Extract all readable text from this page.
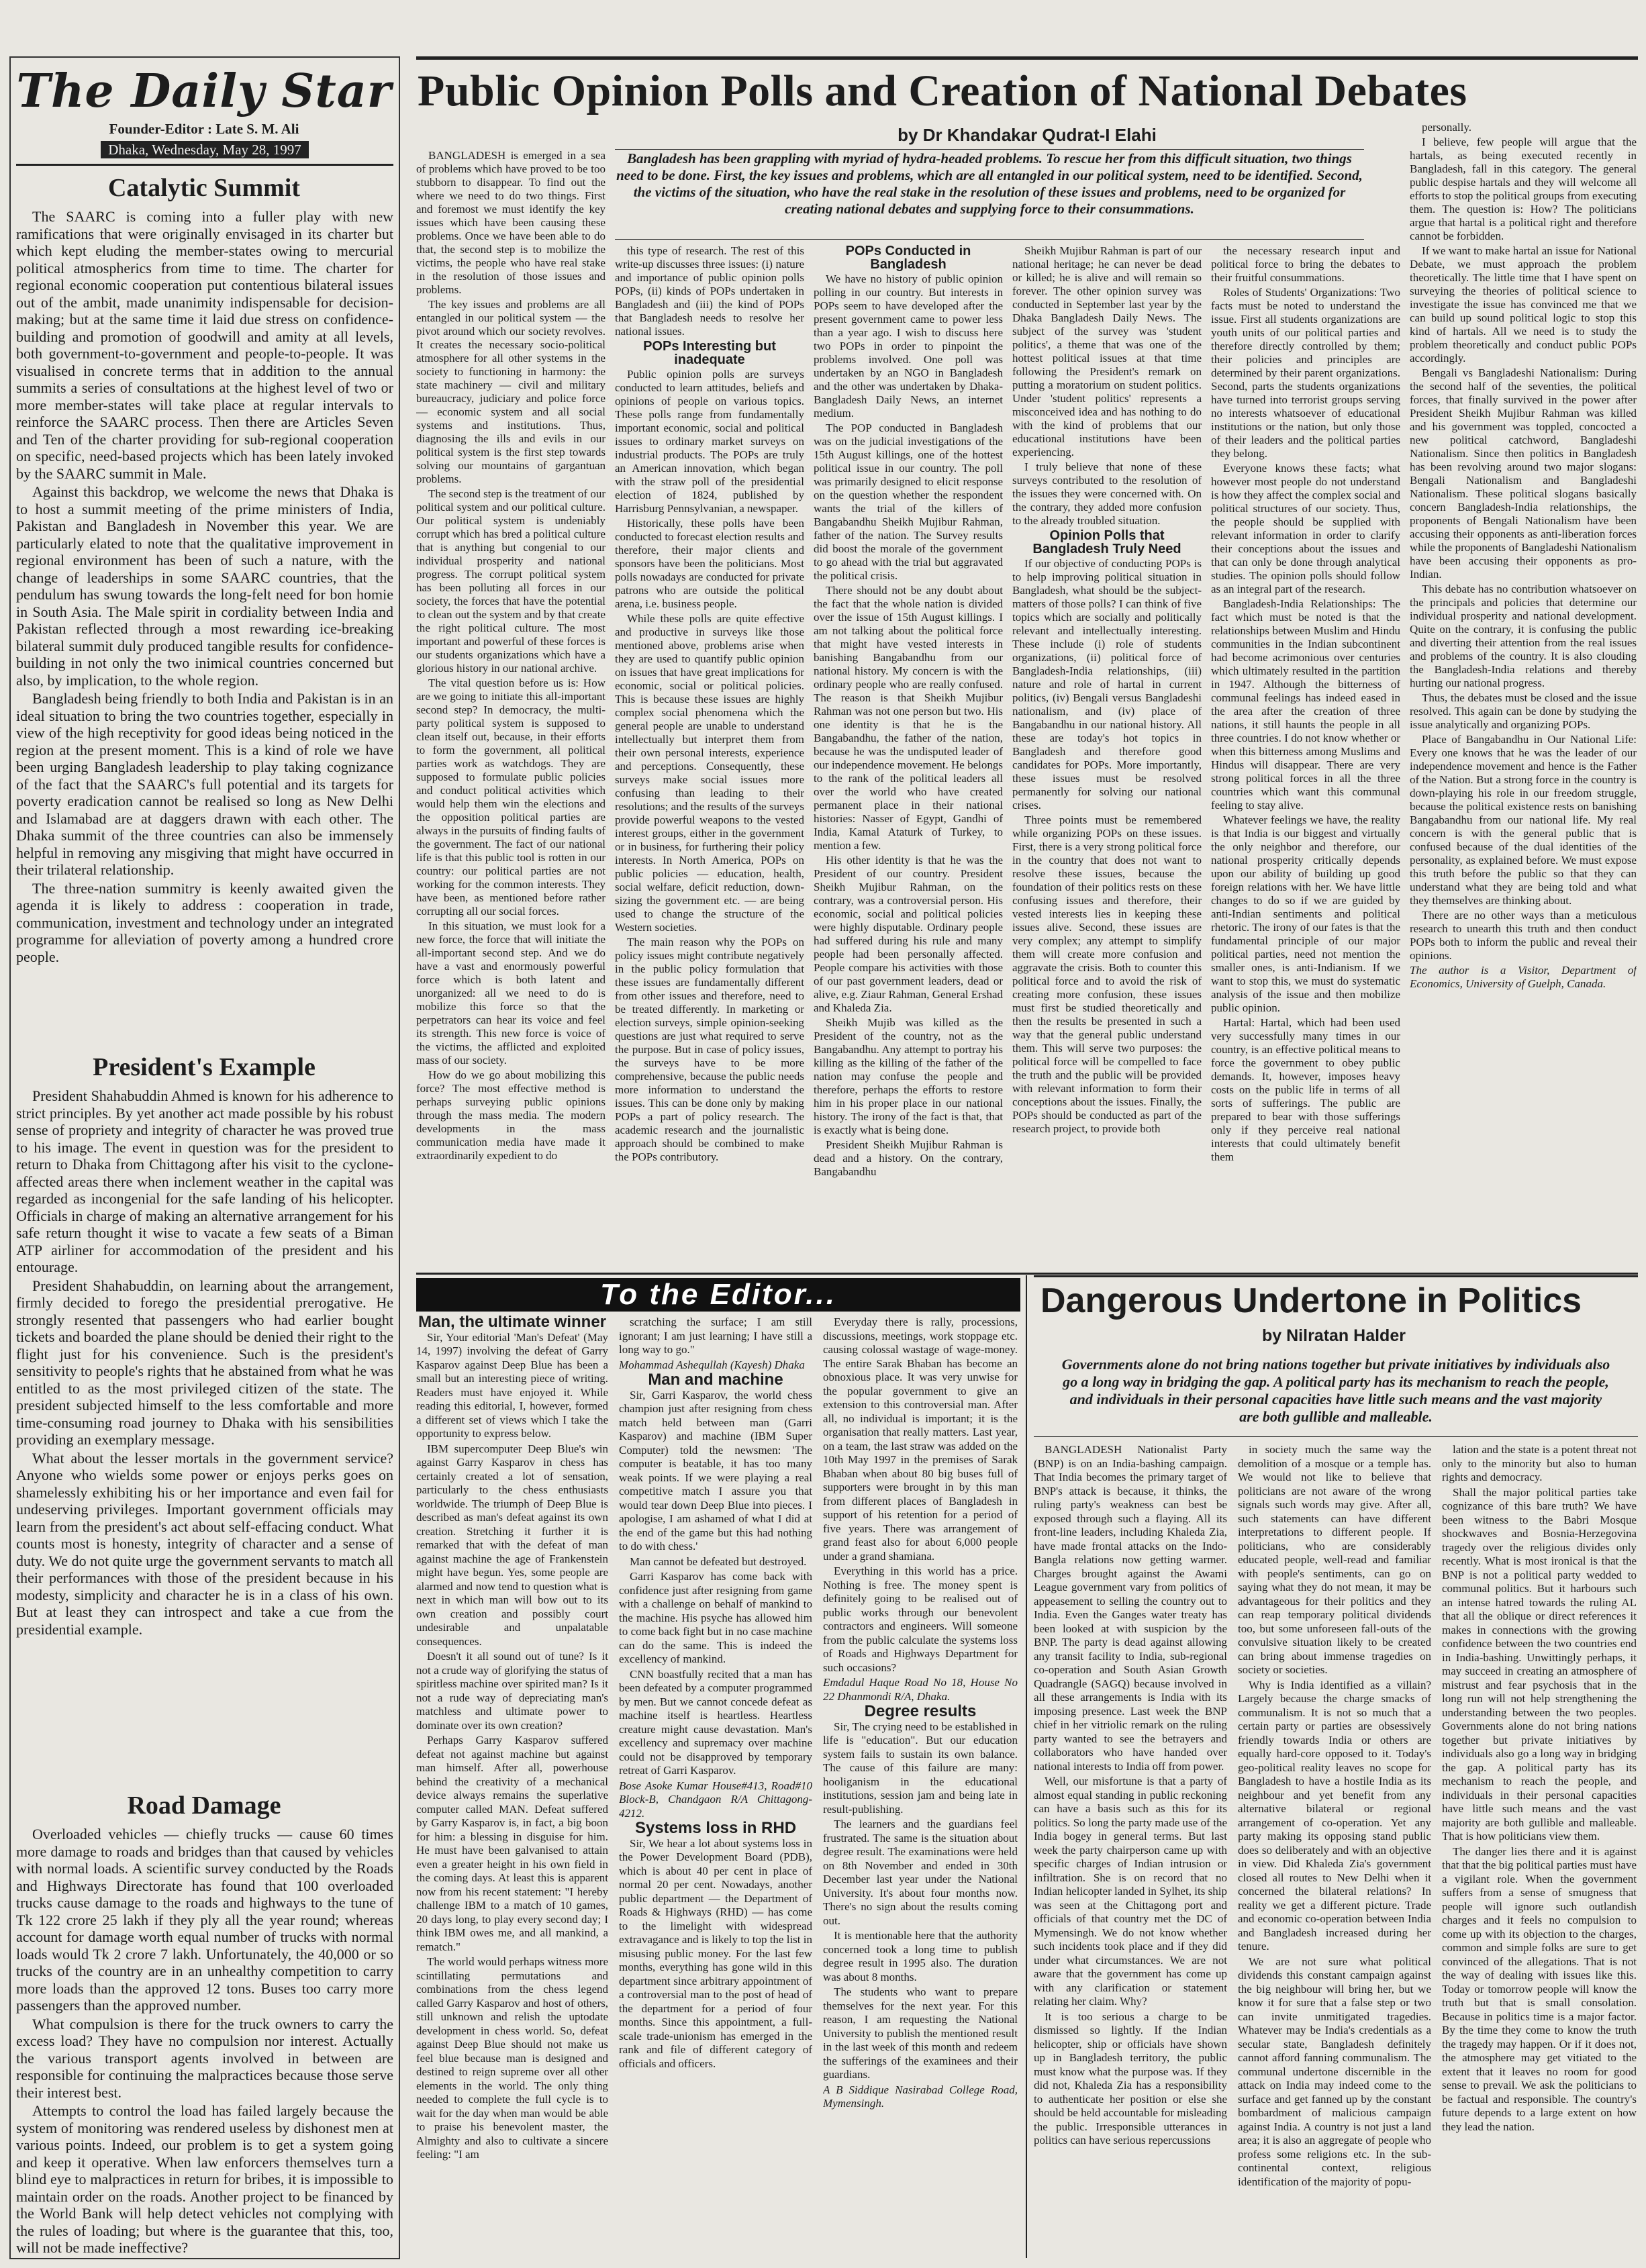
The Daily Star
Founder-Editor : Late S. M. Ali
Dhaka, Wednesday, May 28, 1997
Catalytic Summit

The SAARC is coming into a fuller play with new ramifications that were originally envisaged in its charter but which kept eluding the member-states owing to mercurial political atmospherics from time to time. The charter for regional economic cooperation put contentious bilateral issues out of the ambit, made unanimity indispensable for decision-making; but at the same time it laid due stress on confidence-building and promotion of goodwill and amity at all levels, both government-to-government and people-to-people. It was visualised in concrete terms that in addition to the annual summits a series of consultations at the highest level of two or more member-states will take place at regular intervals to reinforce the SAARC process. Then there are Articles Seven and Ten of the charter providing for sub-regional cooperation on specific, need-based projects which has been lately invoked by the SAARC summit in Male.

Against this backdrop, we welcome the news that Dhaka is to host a summit meeting of the prime ministers of India, Pakistan and Bangladesh in November this year. We are particularly elated to note that the qualitative improvement in regional environment has been of such a nature, with the change of leaderships in some SAARC countries, that the pendulum has swung towards the long-felt need for bon homie in South Asia. The Male spirit in cordiality between India and Pakistan reflected through a most rewarding ice-breaking bilateral summit duly produced tangible results for confidence-building in not only the two inimical countries concerned but also, by implication, to the whole region.

Bangladesh being friendly to both India and Pakistan is in an ideal situation to bring the two countries together, especially in view of the high receptivity for good ideas being noticed in the region at the present moment. This is a kind of role we have been urging Bangladesh leadership to play taking cognizance of the fact that the SAARC's full potential and its targets for poverty eradication cannot be realised so long as New Delhi and Islamabad are at daggers drawn with each other. The Dhaka summit of the three countries can also be immensely helpful in removing any misgiving that might have occurred in their trilateral relationship.

The three-nation summitry is keenly awaited given the agenda it is likely to address : cooperation in trade, communication, investment and technology under an integrated programme for alleviation of poverty among a hundred crore people.

President's Example

President Shahabuddin Ahmed is known for his adherence to strict principles. By yet another act made possible by his robust sense of propriety and integrity of character he was proved true to his image. The event in question was for the president to return to Dhaka from Chittagong after his visit to the cyclone-affected areas there when inclement weather in the capital was regarded as incongenial for the safe landing of his helicopter. Officials in charge of making an alternative arrangement for his safe return thought it wise to vacate a few seats of a Biman ATP airliner for accommodation of the president and his entourage.

President Shahabuddin, on learning about the arrangement, firmly decided to forego the presidential prerogative. He strongly resented that passengers who had earlier bought tickets and boarded the plane should be denied their right to the flight just for his convenience. Such is the president's sensitivity to people's rights that he abstained from what he was entitled to as the most privileged citizen of the state. The president subjected himself to the less comfortable and more time-consuming road journey to Dhaka with his sensibilities providing an exemplary message.

What about the lesser mortals in the government service? Anyone who wields some power or enjoys perks goes on shamelessly exhibiting his or her importance and even fail for undeserving privileges. Important government officials may learn from the president's act about self-effacing conduct. What counts most is honesty, integrity of character and a sense of duty. We do not quite urge the government servants to match all their performances with those of the president because in his modesty, simplicity and character he is in a class of his own. But at least they can introspect and take a cue from the presidential example.

Road Damage

Overloaded vehicles — chiefly trucks — cause 60 times more damage to roads and bridges than that caused by vehicles with normal loads. A scientific survey conducted by the Roads and Highways Directorate has found that 100 overloaded trucks cause damage to the roads and highways to the tune of Tk 122 crore 25 lakh if they ply all the year round; whereas account for damage worth equal number of trucks with normal loads would Tk 2 crore 7 lakh. Unfortunately, the 40,000 or so trucks of the country are in an unhealthy competition to carry more loads than the approved 12 tons. Buses too carry more passengers than the approved number.

What compulsion is there for the truck owners to carry the excess load? They have no compulsion nor interest. Actually the various transport agents involved in between are responsible for continuing the malpractices because those serve their interest best.

Attempts to control the load has failed largely because the system of monitoring was rendered useless by dishonest men at various points. Indeed, our problem is to get a system going and keep it operative. When law enforcers themselves turn a blind eye to malpractices in return for bribes, it is impossible to maintain order on the roads. Another project to be financed by the World Bank will help detect vehicles not complying with the rules of loading; but where is the guarantee that this, too, will not be made ineffective?

Public Opinion Polls and Creation of National Debates
by Dr Khandakar Qudrat-I Elahi
Bangladesh has been grappling with myriad of hydra-headed problems. To rescue her from this difficult situation, two things need to be done. First, the key issues and problems, which are all entangled in our political system, need to be identified. Second, the victims of the situation, who have the real stake in the resolution of these issues and problems, need to be organized for creating national debates and supplying force to their consummations.

BANGLADESH is emerged in a sea of problems which have proved to be too stubborn to disappear. To find out the where we need to do two things. First and foremost we must identify the key issues which have been causing these problems. Once we have been able to do that, the second step is to mobilize the victims, the people who have real stake in the resolution of those issues and problems.

The key issues and problems are all entangled in our political system — the pivot around which our society revolves. It creates the necessary socio-political atmosphere for all other systems in the society to functioning in harmony: the state machinery — civil and military bureaucracy, judiciary and police force — economic system and all social systems and institutions. Thus, diagnosing the ills and evils in our political system is the first step towards solving our mountains of gargantuan problems.

The second step is the treatment of our political system and our political culture. Our political system is undeniably corrupt which has bred a political culture that is anything but congenial to our individual prosperity and national progress. The corrupt political system has been polluting all forces in our society, the forces that have the potential to clean out the system and by that create the right political culture. The most important and powerful of these forces is our students organizations which have a glorious history in our national archive.

The vital question before us is: How are we going to initiate this all-important second step? In democracy, the multi-party political system is supposed to clean itself out, because, in their efforts to form the government, all political parties work as watchdogs. They are supposed to formulate public policies and conduct political activities which would help them win the elections and the opposition political parties are always in the pursuits of finding faults of the government. The fact of our national life is that this public tool is rotten in our country: our political parties are not working for the common interests. They have been, as mentioned before rather corrupting all our social forces.

In this situation, we must look for a new force, the force that will initiate the all-important second step. And we do have a vast and enormously powerful force which is both latent and unorganized: all we need to do is mobilize this force so that the perpetrators can hear its voice and feel its strength. This new force is voice of the victims, the afflicted and exploited mass of our society.

How do we go about mobilizing this force? The most effective method is perhaps surveying public opinions through the mass media. The modern developments in the mass communication media have made it extraordinarily expedient to do

this type of research. The rest of this write-up discusses three issues: (i) nature and importance of public opinion polls POPs, (ii) kinds of POPs undertaken in Bangladesh and (iii) the kind of POPs that Bangladesh needs to resolve her national issues.

POPs Interesting but inadequate

Public opinion polls are surveys conducted to learn attitudes, beliefs and opinions of people on various topics. These polls range from fundamentally important economic, social and political issues to ordinary market surveys on industrial products. The POPs are truly an American innovation, which began with the straw poll of the presidential election of 1824, published by Harrisburg Pennsylvanian, a newspaper.

Historically, these polls have been conducted to forecast election results and therefore, their major clients and sponsors have been the politicians. Most polls nowadays are conducted for private patrons who are outside the political arena, i.e. business people.

While these polls are quite effective and productive in surveys like those mentioned above, problems arise when they are used to quantify public opinion on issues that have great implications for economic, social or political policies. This is because these issues are highly complex social phenomena which the general people are unable to understand intellectually but interpret them from their own personal interests, experience and perceptions. Consequently, these surveys make social issues more confusing than leading to their resolutions; and the results of the surveys provide powerful weapons to the vested interest groups, either in the government or in business, for furthering their policy interests. In North America, POPs on public policies — education, health, social welfare, deficit reduction, down-sizing the government etc. — are being used to change the structure of the Western societies.

The main reason why the POPs on policy issues might contribute negatively in the public policy formulation that these issues are fundamentally different from other issues and therefore, need to be treated differently. In marketing or election surveys, simple opinion-seeking questions are just what required to serve the purpose. But in case of policy issues, the surveys have to be more comprehensive, because the public needs more information to understand the issues. This can be done only by making POPs a part of policy research. The academic research and the journalistic approach should be combined to make the POPs contributory.

POPs Conducted in Bangladesh

We have no history of public opinion polling in our country. But interests in POPs seem to have developed after the present government came to power less than a year ago. I wish to discuss here two POPs in order to pinpoint the problems involved. One poll was undertaken by an NGO in Bangladesh and the other was undertaken by Dhaka-Bangladesh Daily News, an internet medium.

The POP conducted in Bangladesh was on the judicial investigations of the 15th August killings, one of the hottest political issue in our country. The poll was primarily designed to elicit response on the question whether the respondent wants the trial of the killers of Bangabandhu Sheikh Mujibur Rahman, father of the nation. The Survey results did boost the morale of the government to go ahead with the trial but aggravated the political crisis.

There should not be any doubt about the fact that the whole nation is divided over the issue of 15th August killings. I am not talking about the political force that might have vested interests in banishing Bangabandhu from our national history. My concern is with the ordinary people who are really confused. The reason is that Sheikh Mujibur Rahman was not one person but two. His one identity is that he is the Bangabandhu, the father of the nation, because he was the undisputed leader of our independence movement. He belongs to the rank of the political leaders all over the world who have created permanent place in their national histories: Nasser of Egypt, Gandhi of India, Kamal Ataturk of Turkey, to mention a few.

His other identity is that he was the President of our country. President Sheikh Mujibur Rahman, on the contrary, was a controversial person. His economic, social and political policies were highly disputable. Ordinary people had suffered during his rule and many people had been personally affected. People compare his activities with those of our past government leaders, dead or alive, e.g. Ziaur Rahman, General Ershad and Khaleda Zia.

Sheikh Mujib was killed as the President of the country, not as the Bangabandhu. Any attempt to portray his killing as the killing of the father of the nation may confuse the people and therefore, perhaps the efforts to restore him in his proper place in our national history. The irony of the fact is that, that is exactly what is being done.

President Sheikh Mujibur Rahman is dead and a history. On the contrary, Bangabandhu

Sheikh Mujibur Rahman is part of our national heritage; he can never be dead or killed; he is alive and will remain so forever. The other opinion survey was conducted in September last year by the Dhaka Bangladesh Daily News. The subject of the survey was 'student politics', a theme that was one of the hottest political issues at that time following the President's remark on putting a moratorium on student politics. Under 'student politics' represents a misconceived idea and has nothing to do with the kind of problems that our educational institutions have been experiencing.

I truly believe that none of these surveys contributed to the resolution of the issues they were concerned with. On the contrary, they added more confusion to the already troubled situation.

Opinion Polls that Bangladesh Truly Need

If our objective of conducting POPs is to help improving political situation in Bangladesh, what should be the subject-matters of those polls? I can think of five topics which are socially and politically relevant and intellectually interesting. These include (i) role of students organizations, (ii) political force of Bangladesh-India relationships, (iii) nature and role of hartal in current politics, (iv) Bengali versus Bangladeshi nationalism, and (iv) place of Bangabandhu in our national history. All these are today's hot topics in Bangladesh and therefore good candidates for POPs. More importantly, these issues must be resolved permanently for solving our national crises.

Three points must be remembered while organizing POPs on these issues. First, there is a very strong political force in the country that does not want to resolve these issues, because the foundation of their politics rests on these confusing issues and therefore, their vested interests lies in keeping these issues alive. Second, these issues are very complex; any attempt to simplify them will create more confusion and aggravate the crisis. Both to counter this political force and to avoid the risk of creating more confusion, these issues must first be studied theoretically and then the results be presented in such a way that the general public understand them. This will serve two purposes: the political force will be compelled to face the truth and the public will be provided with relevant information to form their conceptions about the issues. Finally, the POPs should be conducted as part of the research project, to provide both

the necessary research input and political force to bring the debates to their fruitful consummations.

Roles of Students' Organizations: Two facts must be noted to understand the issue. First all students organizations are youth units of our political parties and therefore directly controlled by them; their policies and principles are determined by their parent organizations. Second, parts the students organizations have turned into terrorist groups serving no interests whatsoever of educational institutions or the nation, but only those of their leaders and the political parties they belong.

Everyone knows these facts; what however most people do not understand is how they affect the complex social and political structures of our society. Thus, the people should be supplied with relevant information in order to clarify their conceptions about the issues and that can only be done through analytical studies. The opinion polls should follow as an integral part of the research.

Bangladesh-India Relationships: The fact which must be noted is that the relationships between Muslim and Hindu communities in the Indian subcontinent had become acrimonious over centuries which ultimately resulted in the partition in 1947. Although the bitterness of communal feelings has indeed eased in the area after the creation of three nations, it still haunts the people in all three countries. I do not know whether or when this bitterness among Muslims and Hindus will disappear. There are very strong political forces in all the three countries which want this communal feeling to stay alive.

Whatever feelings we have, the reality is that India is our biggest and virtually the only neighbor and therefore, our national prosperity critically depends upon our ability of building up good foreign relations with her. We have little changes to do so if we are guided by anti-Indian sentiments and political rhetoric. The irony of our fates is that the fundamental principle of our major political parties, need not mention the smaller ones, is anti-Indianism. If we want to stop this, we must do systematic analysis of the issue and then mobilize public opinion.

Hartal: Hartal, which had been used very successfully many times in our country, is an effective political means to force the government to obey public demands. It, however, imposes heavy costs on the public life in terms of all sorts of sufferings. The public are prepared to bear with those sufferings only if they perceive real national interests that could ultimately benefit them

personally.

I believe, few people will argue that the hartals, as being executed recently in Bangladesh, fall in this category. The general public despise hartals and they will welcome all efforts to stop the political groups from executing them. The question is: How? The politicians argue that hartal is a political right and therefore cannot be forbidden.

If we want to make hartal an issue for National Debate, we must approach the problem theoretically. The little time that I have spent on surveying the theories of political science to investigate the issue has convinced me that we can build up sound political logic to stop this kind of hartals. All we need is to study the problem theoretically and conduct public POPs accordingly.

Bengali vs Bangladeshi Nationalism: During the second half of the seventies, the political forces, that finally survived in the power after President Sheikh Mujibur Rahman was killed and his government was toppled, concocted a new political catchword, Bangladeshi Nationalism. Since then politics in Bangladesh has been revolving around two major slogans: Bengali Nationalism and Bangladeshi Nationalism. These political slogans basically concern Bangladesh-India relationships, the proponents of Bengali Nationalism have been accusing their opponents as anti-liberation forces while the proponents of Bangladeshi Nationalism have been accusing their opponents as pro-Indian.

This debate has no contribution whatsoever on the principals and policies that determine our individual prosperity and national development. Quite on the contrary, it is confusing the public and diverting their attention from the real issues and problems of the country. It is also clouding the Bangladesh-India relations and thereby hurting our national progress.

Thus, the debates must be closed and the issue resolved. This again can be done by studying the issue analytically and organizing POPs.

Place of Bangabandhu in Our National Life: Every one knows that he was the leader of our independence movement and hence is the Father of the Nation. But a strong force in the country is down-playing his role in our freedom struggle, because the political existence rests on banishing Bangabandhu from our national life. My real concern is with the general public that is confused because of the dual identities of the personality, as explained before. We must expose this truth before the public so that they can understand what they are being told and what they themselves are thinking about.

There are no other ways than a meticulous research to unearth this truth and then conduct POPs both to inform the public and reveal their opinions.

The author is a Visitor, Department of Economics, University of Guelph, Canada.

To the Editor...

Man, the ultimate winner

Sir, Your editorial 'Man's Defeat' (May 14, 1997) involving the defeat of Garry Kasparov against Deep Blue has been a small but an interesting piece of writing. Readers must have enjoyed it. While reading this editorial, I, however, formed a different set of views which I take the opportunity to express below.

IBM supercomputer Deep Blue's win against Garry Kasparov in chess has certainly created a lot of sensation, particularly to the chess enthusiasts worldwide. The triumph of Deep Blue is described as man's defeat against its own creation. Stretching it further it is remarked that with the defeat of man against machine the age of Frankenstein might have begun. Yes, some people are alarmed and now tend to question what is next in which man will bow out to its own creation and possibly court undesirable and unpalatable consequences.

Doesn't it all sound out of tune? Is it not a crude way of glorifying the status of spiritless machine over spirited man? Is it not a rude way of depreciating man's matchless and ultimate power to dominate over its own creation?

Perhaps Garry Kasparov suffered defeat not against machine but against man himself. After all, powerhouse behind the creativity of a mechanical device always remains the superlative computer called MAN. Defeat suffered by Garry Kasparov is, in fact, a big boon for him: a blessing in disguise for him. He must have been galvanised to attain even a greater height in his own field in the coming days. At least this is apparent now from his recent statement: "I hereby challenge IBM to a match of 10 games, 20 days long, to play every second day; I think IBM owes me, and all mankind, a rematch."

The world would perhaps witness more scintillating permutations and combinations from the chess legend called Garry Kasparov and host of others, still unknown and relish the uptodate development in chess world. So, defeat against Deep Blue should not make us feel blue because man is designed and destined to reign supreme over all other elements in the world. The only thing needed to complete the full cycle is to wait for the day when man would be able to praise his benevolent master, the Almighty and also to cultivate a sincere feeling: "I am

scratching the surface; I am still ignorant; I am just learning; I have still a long way to go."

Mohammad Ashequllah (Kayesh) Dhaka

Man and machine

Sir, Garri Kasparov, the world chess champion just after resigning from chess match held between man (Garri Kasparov) and machine (IBM Super Computer) told the newsmen: 'The computer is beatable, it has too many weak points. If we were playing a real competitive match I assure you that would tear down Deep Blue into pieces. I apologise, I am ashamed of what I did at the end of the game but this had nothing to do with chess.'

Man cannot be defeated but destroyed.

Garri Kasparov has come back with confidence just after resigning from game with a challenge on behalf of mankind to the machine. His psyche has allowed him to come back fight but in no case machine can do the same. This is indeed the excellency of mankind.

CNN boastfully recited that a man has been defeated by a computer programmed by men. But we cannot concede defeat as machine itself is heartless. Heartless creature might cause devastation. Man's excellency and supremacy over machine could not be disapproved by temporary retreat of Garri Kasparov.

Bose Asoke Kumar House#413, Road#10 Block-B, Chandgaon R/A Chittagong-4212.

Systems loss in RHD

Sir, We hear a lot about systems loss in the Power Development Board (PDB), which is about 40 per cent in place of normal 20 per cent. Nowadays, another public department — the Department of Roads & Highways (RHD) — has come to the limelight with widespread extravagance and is likely to top the list in misusing public money. For the last few months, everything has gone wild in this department since arbitrary appointment of a controversial man to the post of head of the department for a period of four months. Since this appointment, a full-scale trade-unionism has emerged in the rank and file of different category of officials and officers.

Everyday there is rally, processions, discussions, meetings, work stoppage etc. causing colossal wastage of wage-money. The entire Sarak Bhaban has become an obnoxious place. It was very unwise for the popular government to give an extension to this controversial man. After all, no individual is important; it is the organisation that really matters. Last year, on a team, the last straw was added on the 10th May 1997 in the premises of Sarak Bhaban when about 80 big buses full of supporters were brought in by this man from different places of Bangladesh in support of his retention for a period of five years. There was arrangement of grand feast also for about 6,000 people under a grand shamiana.

Everything in this world has a price. Nothing is free. The money spent is definitely going to be realised out of public works through our benevolent contractors and engineers. Will someone from the public calculate the systems loss of Roads and Highways Department for such occasions?

Emdadul Haque Road No 18, House No 22 Dhanmondi R/A, Dhaka.

Degree results

Sir, The crying need to be established in life is "education". But our education system fails to sustain its own balance. The cause of this failure are many: hooliganism in the educational institutions, session jam and being late in result-publishing.

The learners and the guardians feel frustrated. The same is the situation about degree result. The examinations were held on 8th November and ended in 30th December last year under the National University. It's about four months now. There's no sign about the results coming out.

It is mentionable here that the authority concerned took a long time to publish degree result in 1995 also. The duration was about 8 months.

The students who want to prepare themselves for the next year. For this reason, I am requesting the National University to publish the mentioned result in the last week of this month and redeem the sufferings of the examinees and their guardians.

A B Siddique Nasirabad College Road, Mymensingh.

Dangerous Undertone in Politics
by Nilratan Halder
Governments alone do not bring nations together but private initiatives by individuals also go a long way in bridging the gap. A political party has its mechanism to reach the people, and individuals in their personal capacities have little such means and the vast majority are both gullible and malleable.

BANGLADESH Nationalist Party (BNP) is on an India-bashing campaign. That India becomes the primary target of BNP's attack is because, it thinks, the ruling party's weakness can best be exposed through such a flaying. All its front-line leaders, including Khaleda Zia, have made frontal attacks on the Indo-Bangla relations now getting warmer. Charges brought against the Awami League government vary from politics of appeasement to selling the country out to India. Even the Ganges water treaty has been looked at with suspicion by the BNP. The party is dead against allowing any transit facility to India, sub-regional co-operation and South Asian Growth Quadrangle (SAGQ) because involved in all these arrangements is India with its imposing presence. Last week the BNP chief in her vitriolic remark on the ruling party wanted to see the betrayers and collaborators who have handed over national interests to India off from power.

Well, our misfortune is that a party of almost equal standing in public reckoning can have a basis such as this for its politics. So long the party made use of the India bogey in general terms. But last week the party chairperson came up with specific charges of Indian intrusion or infiltration. She is on record that no Indian helicopter landed in Sylhet, its ship was seen at the Chittagong port and officials of that country met the DC of Mymensingh. We do not know whether such incidents took place and if they did under what circumstances. We are not aware that the government has come up with any clarification or statement relating her claim. Why?

It is too serious a charge to be dismissed so lightly. If the Indian helicopter, ship or officials have shown up in Bangladesh territory, the public must know what the purpose was. If they did not, Khaleda Zia has a responsibility to authenticate her position or else she should be held accountable for misleading the public. Irresponsible utterances in politics can have serious repercussions

in society much the same way the demolition of a mosque or a temple has. We would not like to believe that politicians are not aware of the wrong signals such words may give. After all, such statements can have different interpretations to different people. If politicians, who are considerably educated people, well-read and familiar with people's sentiments, can go on saying what they do not mean, it may be advantageous for their politics and they can reap temporary political dividends too, but some unforeseen fall-outs of the convulsive situation likely to be created can bring about immense tragedies on society or societies.

Why is India identified as a villain? Largely because the charge smacks of communalism. It is not so much that a certain party or parties are obsessively friendly towards India or others are equally hard-core opposed to it. Today's geo-political reality leaves no scope for Bangladesh to have a hostile India as its neighbour and yet benefit from any alternative bilateral or regional arrangement of co-operation. Yet any party making its opposing stand public does so deliberately and with an objective in view. Did Khaleda Zia's government closed all routes to New Delhi when it concerned the bilateral relations? In reality we get a different picture. Trade and economic co-operation between India and Bangladesh increased during her tenure.

We are not sure what political dividends this constant campaign against the big neighbour will bring her, but we know it for sure that a false step or two can invite unmitigated tragedies. Whatever may be India's credentials as a secular state, Bangladesh definitely cannot afford fanning communalism. The communal undertone discernible in the attack on India may indeed come to the surface and get fanned up by the constant bombardment of malicious campaign against India. A country is not just a land area; it is also an aggregate of people who profess some religions etc. In the sub-continental context, religious identification of the majority of popu-

lation and the state is a potent threat not only to the minority but also to human rights and democracy.

Shall the major political parties take cognizance of this bare truth? We have been witness to the Babri Mosque shockwaves and Bosnia-Herzegovina tragedy over the religious divides only recently. What is most ironical is that the BNP is not a political party wedded to communal politics. But it harbours such an intense hatred towards the ruling AL that all the oblique or direct references it makes in connections with the growing confidence between the two countries end in India-bashing. Unwittingly perhaps, it may succeed in creating an atmosphere of mistrust and fear psychosis that in the long run will not help strengthening the understanding between the two peoples. Governments alone do not bring nations together but private initiatives by individuals also go a long way in bridging the gap. A political party has its mechanism to reach the people, and individuals in their personal capacities have little such means and the vast majority are both gullible and malleable. That is how politicians view them.

The danger lies there and it is against that that the big political parties must have a vigilant role. When the government suffers from a sense of smugness that people will ignore such outlandish charges and it feels no compulsion to come up with its objection to the charges, common and simple folks are sure to get convinced of the allegations. That is not the way of dealing with issues like this. Today or tomorrow people will know the truth but that is small consolation. Because in politics time is a major factor. By the time they come to know the truth the tragedy may happen. Or if it does not, the atmosphere may get vitiated to the extent that it leaves no room for good sense to prevail. We ask the politicians to be factual and responsible. The country's future depends to a large extent on how they lead the nation.
